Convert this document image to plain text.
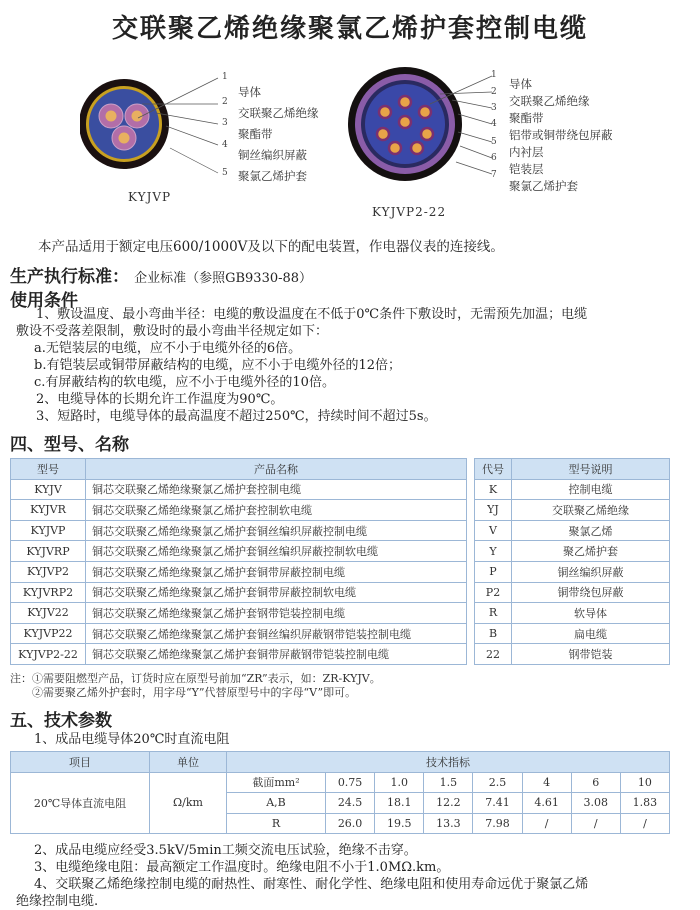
交联聚乙烯绝缘聚氯乙烯护套控制电缆
1
2
3
4
5
导体
交联聚乙烯绝缘
聚酯带
铜丝编织屏蔽
聚氯乙烯护套
KYJVP
1
2
3
4
5
6
7
导体
交联聚乙烯绝缘
聚酯带
铝带或铜带绕包屏蔽
内衬层
铠装层
聚氯乙烯护套
KYJVP2-22
本产品适用于额定电压600/1000V及以下的配电装置，作电器仪表的连接线。
生产执行标准： 企业标准（参照GB9330-88）
使用条件
1、敷设温度、最小弯曲半径：电缆的敷设温度在不低于0℃条件下敷设时，无需预先加温；电缆
敷设不受落差限制，敷设时的最小弯曲半径规定如下：
a.无铠装层的电缆，应不小于电缆外径的6倍。
b.有铠装层或铜带屏蔽结构的电缆，应不小于电缆外径的12倍；
c.有屏蔽结构的软电缆，应不小于电缆外径的10倍。
2、电缆导体的长期允许工作温度为90℃。
3、短路时，电缆导体的最高温度不超过250℃，持续时间不超过5s。
四、型号、名称
型号	产品名称
KYJV	铜芯交联聚乙烯绝缘聚氯乙烯护套控制电缆
KYJVR	铜芯交联聚乙烯绝缘聚氯乙烯护套控制软电缆
KYJVP	铜芯交联聚乙烯绝缘聚氯乙烯护套铜丝编织屏蔽控制电缆
KYJVRP	铜芯交联聚乙烯绝缘聚氯乙烯护套铜丝编织屏蔽控制软电缆
KYJVP2	铜芯交联聚乙烯绝缘聚氯乙烯护套铜带屏蔽控制电缆
KYJVRP2	铜芯交联聚乙烯绝缘聚氯乙烯护套铜带屏蔽控制软电缆
KYJV22	铜芯交联聚乙烯绝缘聚氯乙烯护套钢带铠装控制电缆
KYJVP22	铜芯交联聚乙烯绝缘聚氯乙烯护套铜丝编织屏蔽钢带铠装控制电缆
KYJVP2-22	铜芯交联聚乙烯绝缘聚氯乙烯护套铜带屏蔽钢带铠装控制电缆
代号	型号说明
K	控制电缆
YJ	交联聚乙烯绝缘
V	聚氯乙烯
Y	聚乙烯护套
P	铜丝编织屏蔽
P2	铜带绕包屏蔽
R	软导体
B	扁电缆
22	钢带铠装
注：①需要阻燃型产品，订货时应在原型号前加“ZR”表示，如：ZR-KYJV。
②需要聚乙烯外护套时，用字母“Y”代替原型号中的字母“V”即可。
五、技术参数
1、成品电缆导体20℃时直流电阻
项目	单位	技术指标							
20℃导体直流电阻	Ω/km	截面mm²	0.75	1.0	1.5	2.5	4	6	10
		A,B	24.5	18.1	12.2	7.41	4.61	3.08	1.83
		R	26.0	19.5	13.3	7.98	/	/	/
2、成品电缆应经受3.5kV/5min工频交流电压试验，绝缘不击穿。
3、电缆绝缘电阻：最高额定工作温度时。绝缘电阻不小于1.0MΩ.km。
4、交联聚乙烯绝缘控制电缆的耐热性、耐寒性、耐化学性、绝缘电阻和使用寿命远优于聚氯乙烯
绝缘控制电缆.
